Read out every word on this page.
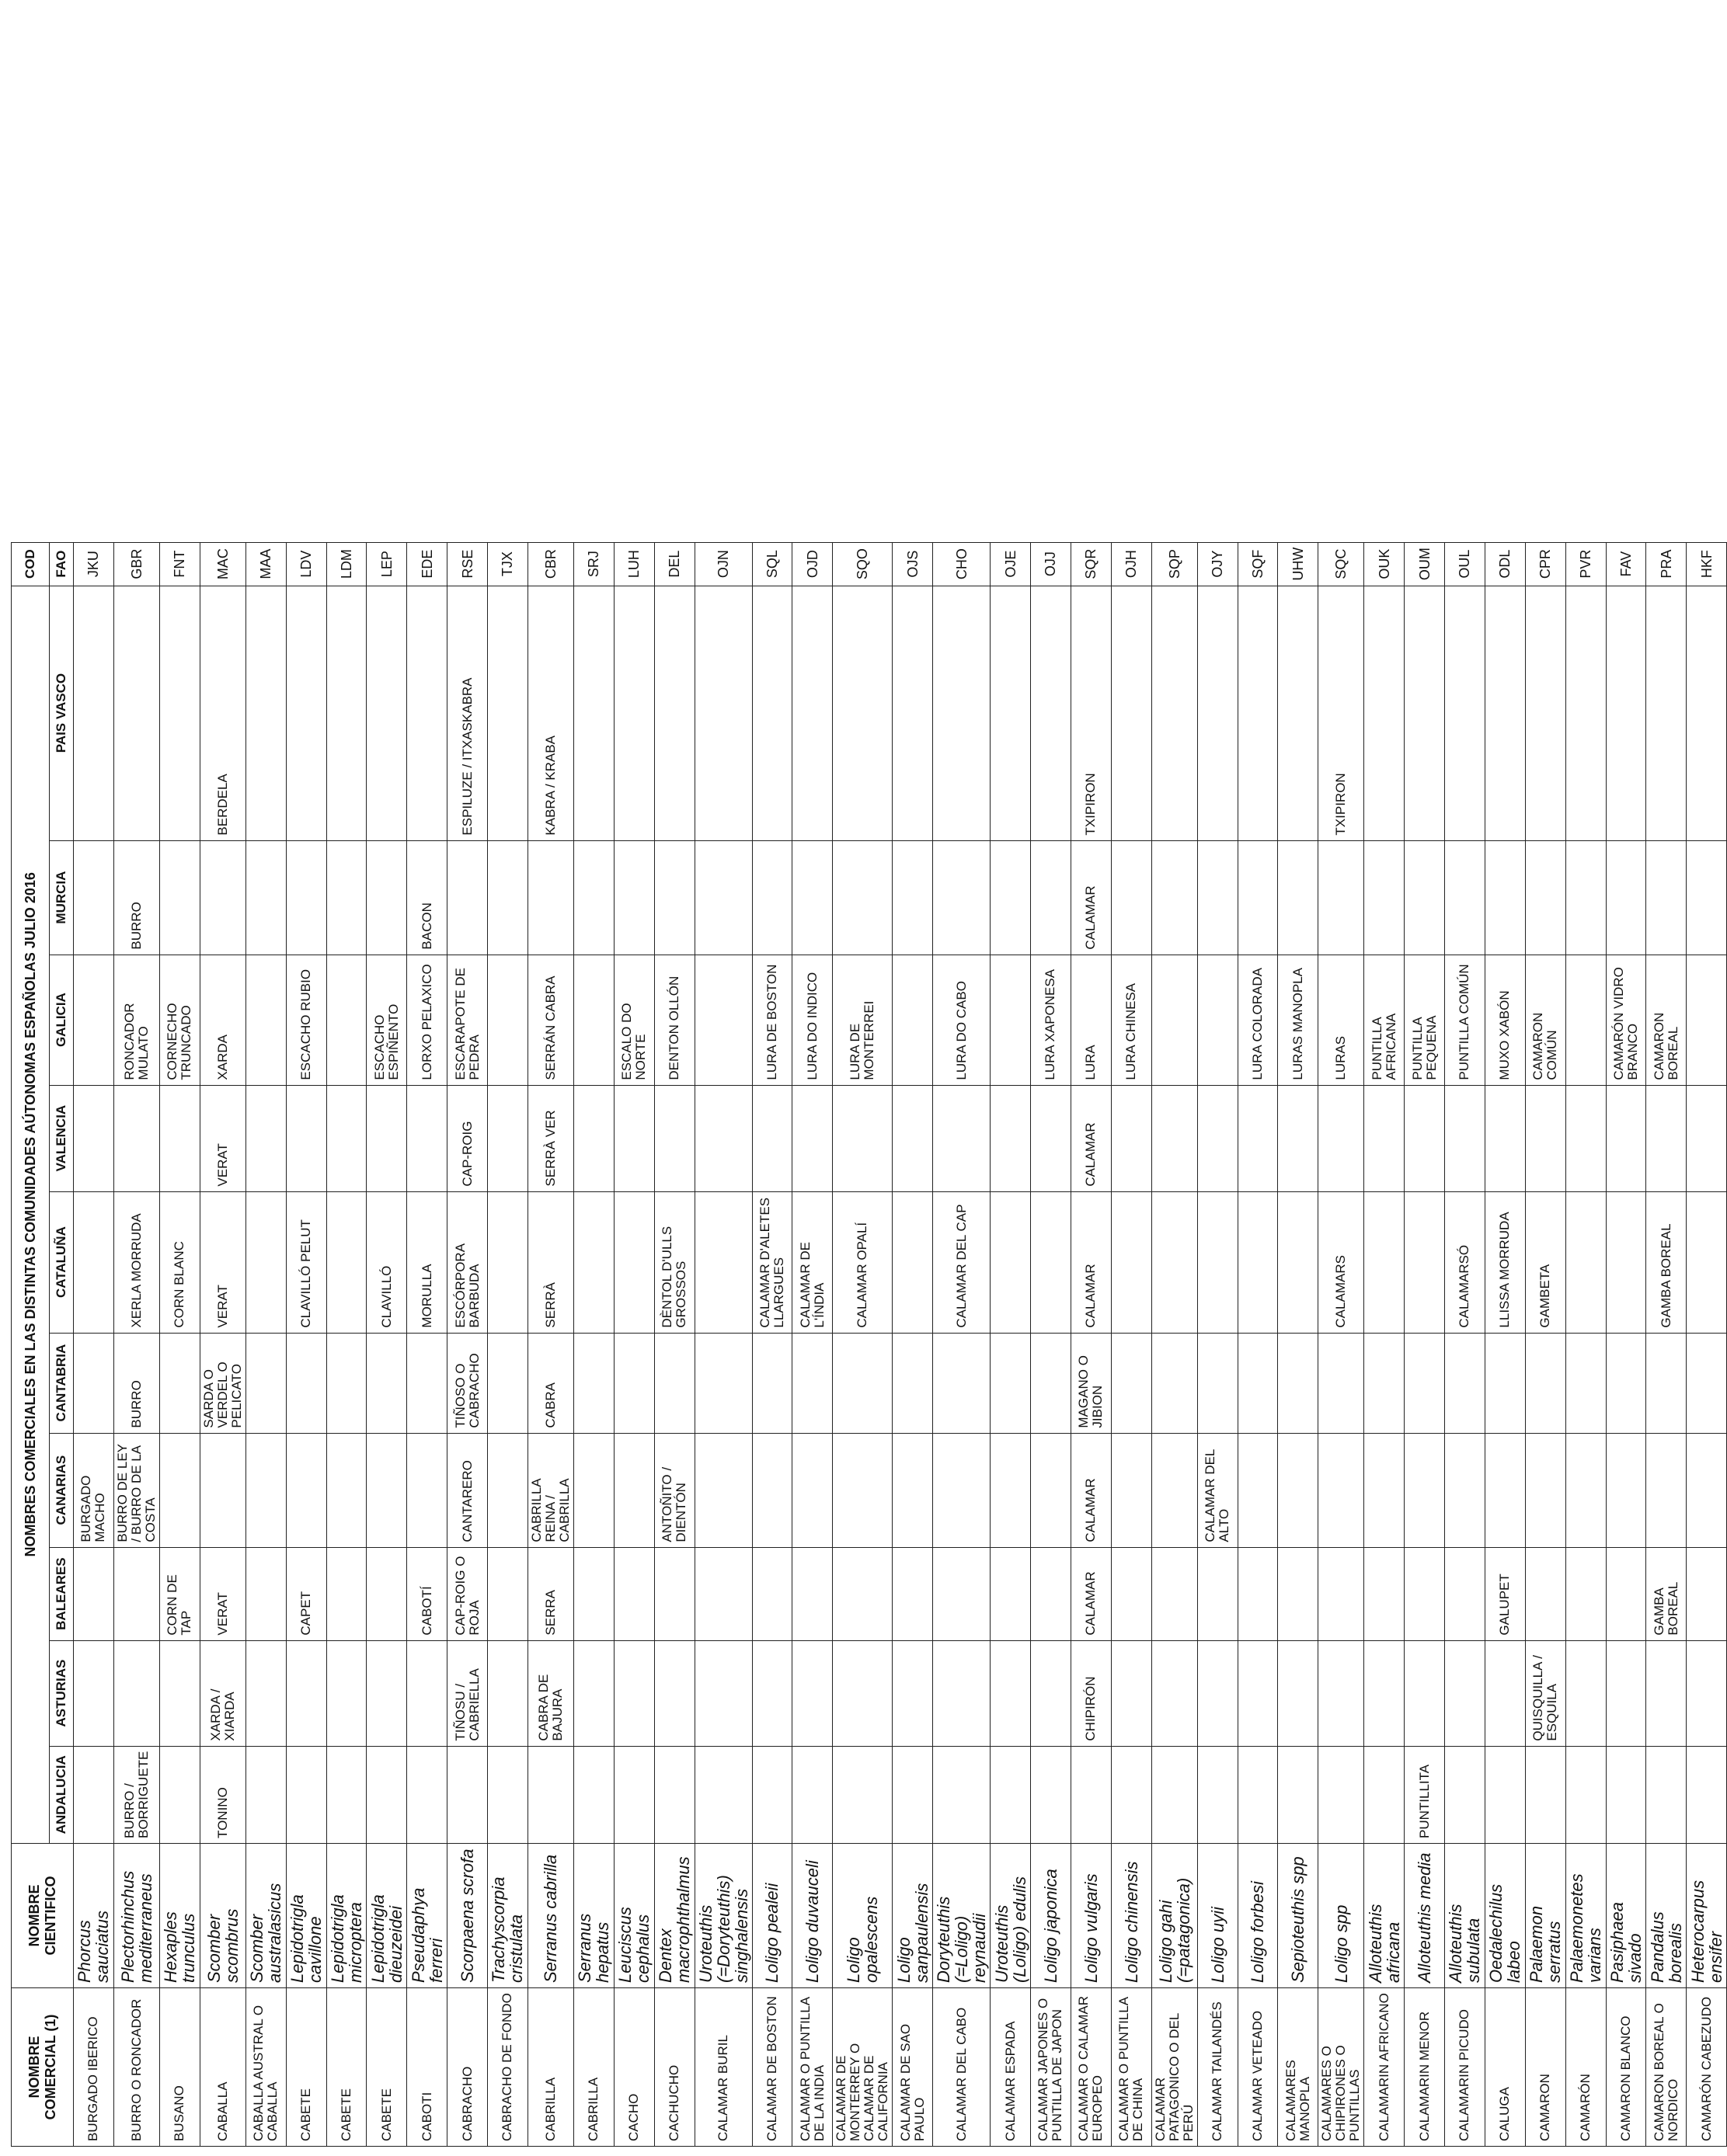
NOMBRE COMERCIAL (1)	NOMBRE CIENTIFICO	NOMBRES COMERCIALES EN LAS DISTINTAS COMUNIDADES AÚTONOMAS ESPAÑOLAS JULIO 2016										COD
		ANDALUCIA	ASTURIAS	BALEARES	CANARIAS	CANTABRIA	CATALUÑA	VALENCIA	GALICIA	MURCIA	PAIS VASCO	FAO
BURGADO IBERICO	Phorcus sauciatus				BURGADO MACHO							JKU
BURRO O RONCADOR	Plectorhinchus mediterraneus	BURRO / BORRIGUETE			BURRO DE LEY / BURRO DE LA COSTA	BURRO	XERLA MORRUDA		RONCADOR MULATO	BURRO		GBR
BUSANO	Hexaples trunculus			CORN DE TAP			CORN BLANC		CORNECHO TRUNCADO			FNT
CABALLA	Scomber scombrus	TONINO	XARDA / XIARDA	VERAT		SARDA O VERDEL O PELICATO	VERAT	VERAT	XARDA		BERDELA	MAC
CABALLA AUSTRAL O CABALLA	Scomber australasicus											MAA
CABETE	Lepidotrigla cavillone			CAPET			CLAVILLÓ PELUT		ESCACHO RUBIO			LDV
CABETE	Lepidotrigla microptera											LDM
CABETE	Lepidotrigla dieuzeidei						CLAVILLÓ		ESCACHO ESPIÑENTO			LEP
CABOTI	Pseudaphya ferreri			CABOTÍ			MORULLA		LORXO PELAXICO	BACON		EDE
CABRACHO	Scorpaena scrofa		TIÑOSU / CABRIELLA	CAP-ROIG O ROJA	CANTARERO	TIÑOSO O CABRACHO	ESCÓRPORA BARBUDA	CAP-ROIG	ESCARAPOTE DE PEDRA		ESPILUZE / ITXASKABRA	RSE
CABRACHO DE FONDO	Trachyscorpia cristulata											TJX
CABRILLA	Serranus cabrilla		CABRA DE BAJURA	SERRA	CABRILLA REINA / CABRILLA	CABRA	SERRÀ	SERRÀ VER	SERRÁN CABRA		KABRA / KRABA	CBR
CABRILLA	Serranus hepatus											SRJ
CACHO	Leuciscus cephalus								ESCALO DO NORTE			LUH
CACHUCHO	Dentex macrophthalmus				ANTOÑITO / DIENTÓN		DÈNTOL D'ULLS GROSSOS		DENTON OLLÓN			DEL
CALAMAR BURIL	Uroteuthis (=Doryteuthis) singhalensis											OJN
CALAMAR DE BOSTON	Loligo pealeii						CALAMAR D'ALETES LLARGUES		LURA DE BOSTON			SQL
CALAMAR O PUNTILLA DE LA INDIA	Loligo duvauceli						CALAMAR DE L'ÍNDIA		LURA DO INDICO			OJD
CALAMAR DE MONTERREY O CALAMAR DE CALIFORNIA	Loligo opalescens						CALAMAR OPALÍ		LURA DE MONTERREI			SQO
CALAMAR DE SAO PAULO	Loligo sanpaulensis											OJS
CALAMAR DEL CABO	Doryteuthis (=Loligo) reynaudii						CALAMAR DEL CAP		LURA DO CABO			CHO
CALAMAR ESPADA	Uroteuthis (Loligo) edulis											OJE
CALAMAR JAPONES O PUNTILLA DE JAPON	Loligo japonica								LURA XAPONESA			OJJ
CALAMAR O CALAMAR EUROPEO	Loligo vulgaris		CHIPIRÓN	CALAMAR	CALAMAR	MAGANO O JIBION	CALAMAR	CALAMAR	LURA	CALAMAR	TXIPIRON	SQR
CALAMAR O PUNTILLA DE CHINA	Loligo chinensis								LURA CHINESA			OJH
CALAMAR PATAGONICO O DEL PERÚ	Loligo gahi (=patagonica)											SQP
CALAMAR TAILANDÉS	Loligo uyii				CALAMAR DEL ALTO							OJY
CALAMAR VETEADO	Loligo forbesi								LURA COLORADA			SQF
CALAMARES MANOPLA	Sepioteuthis spp								LURAS MANOPLA			UHW
CALAMARES O CHIPIRONES O PUNTILLAS	Loligo spp						CALAMARS		LURAS		TXIPIRON	SQC
CALAMARIN AFRICANO	Alloteuthis africana								PUNTILLA AFRICANA			OUK
CALAMARIN MENOR	Alloteuthis media	PUNTILLITA							PUNTILLA PEQUENA			OUM
CALAMARIN PICUDO	Alloteuthis subulata						CALAMARSÓ		PUNTILLA COMÚN			OUL
CALUGA	Oedalechilus labeo			GALUPET			LLISSA MORRUDA		MUXO XABÓN			ODL
CAMARON	Palaemon serratus		QUISQUILLA / ESQUILA				GAMBETA		CAMARON COMÚN			CPR
CAMARÓN	Palaemonetes varians											PVR
CAMARON BLANCO	Pasiphaea sivado								CAMARÓN VIDRO BRANCO			FAV
CAMARON BOREAL O NORDICO	Pandalus borealis			GAMBA BOREAL			GAMBA BOREAL		CAMARON BOREAL			PRA
CAMARÓN CABEZUDO	Heterocarpus ensifer											HKF
